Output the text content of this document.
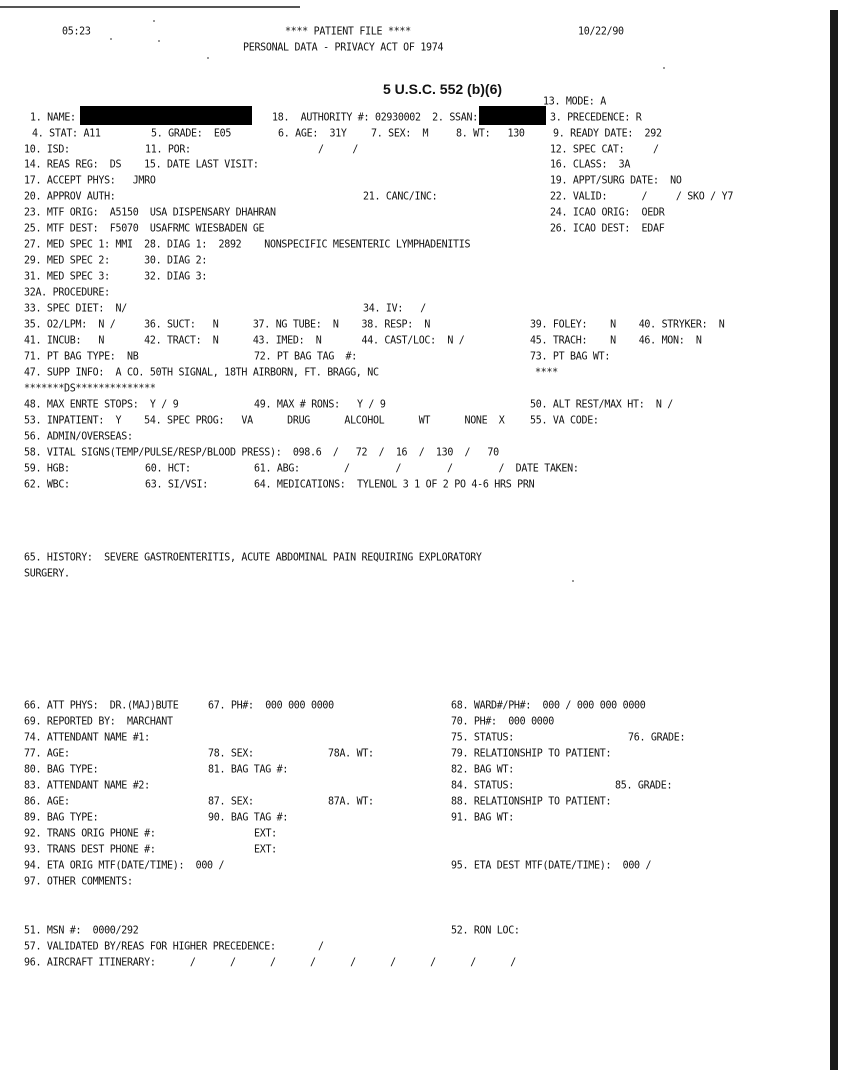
05:23	**** PATIENT FILE ****	10/22/90
PERSONAL DATA - PRIVACY ACT OF 1974
5 U.S.C. 552 (b)(6)
13. MODE: A
1. NAME:	18.  AUTHORITY #: 02930002  2. SSAN:	3. PRECEDENCE: R
4. STAT: A11	5. GRADE:  E05	6. AGE:  31Y 7. SEX:  M	8. WT:   130	9. READY DATE:  292
10. ISD:	11. POR:	/     /	12. SPEC CAT:     /
14. REAS REG:  DS    15. DATE LAST VISIT:	16. CLASS:  3A
17. ACCEPT PHYS:   JMRO	19. APPT/SURG DATE:  NO
20. APPROV AUTH:	21. CANC/INC:	22. VALID:      /     / SKO / Y7
23. MTF ORIG:  A5150  USA DISPENSARY DHAHRAN	24. ICAO ORIG:  OEDR
25. MTF DEST:  F5070  USAFRMC WIESBADEN GE	26. ICAO DEST:  EDAF
27. MED SPEC 1: MMI  28. DIAG 1:  2892    NONSPECIFIC MESENTERIC LYMPHADENITIS
29. MED SPEC 2:      30. DIAG 2:
31. MED SPEC 3:      32. DIAG 3:
32A. PROCEDURE:
33. SPEC DIET:  N/	34. IV:   /
35. O2/LPM:  N /     36. SUCT:   N      37. NG TUBE:  N    38. RESP:  N	39. FOLEY:    N    40. STRYKER:  N
41. INCUB:   N       42. TRACT:  N      43. IMED:  N       44. CAST/LOC:  N /	45. TRACH:    N    46. MON:  N
71. PT BAG TYPE:  NB	72. PT BAG TAG  #:	73. PT BAG WT:
47. SUPP INFO:  A CO. 50TH SIGNAL, 18TH AIRBORN, FT. BRAGG, NC	****
*******DS**************
48. MAX ENRTE STOPS:  Y / 9	49. MAX # RONS:   Y / 9	50. ALT REST/MAX HT:  N /
53. INPATIENT:  Y    54. SPEC PROG:   VA      DRUG      ALCOHOL      WT      NONE  X	55. VA CODE:
56. ADMIN/OVERSEAS:
58. VITAL SIGNS(TEMP/PULSE/RESP/BLOOD PRESS):  098.6  /   72  /  16  /  130  /   70
59. HGB:	60. HCT:	61. ABG:	/        /        /        /  DATE TAKEN:
62. WBC:	63. SI/VSI:	64. MEDICATIONS:  TYLENOL 3 1 OF 2 PO 4-6 HRS PRN
65. HISTORY:  SEVERE GASTROENTERITIS, ACUTE ABDOMINAL PAIN REQUIRING EXPLORATORY
SURGERY.
66. ATT PHYS:  DR.(MAJ)BUTE	67. PH#:  000 000 0000	68. WARD#/PH#:  000 / 000 000 0000
69. REPORTED BY:  MARCHANT	70. PH#:  000 0000
74. ATTENDANT NAME #1:	75. STATUS:	76. GRADE:
77. AGE:	78. SEX:	78A. WT:	79. RELATIONSHIP TO PATIENT:
80. BAG TYPE:	81. BAG TAG #:	82. BAG WT:
83. ATTENDANT NAME #2:	84. STATUS:	85. GRADE:
86. AGE:	87. SEX:	87A. WT:	88. RELATIONSHIP TO PATIENT:
89. BAG TYPE:	90. BAG TAG #:	91. BAG WT:
92. TRANS ORIG PHONE #:	EXT:
93. TRANS DEST PHONE #:	EXT:
94. ETA ORIG MTF(DATE/TIME):  000 /	95. ETA DEST MTF(DATE/TIME):  000 /
97. OTHER COMMENTS:
51. MSN #:  0000/292	52. RON LOC:
57. VALIDATED BY/REAS FOR HIGHER PRECEDENCE:	/
96. AIRCRAFT ITINERARY:      /      /      /      /      /      /      /      /      /
